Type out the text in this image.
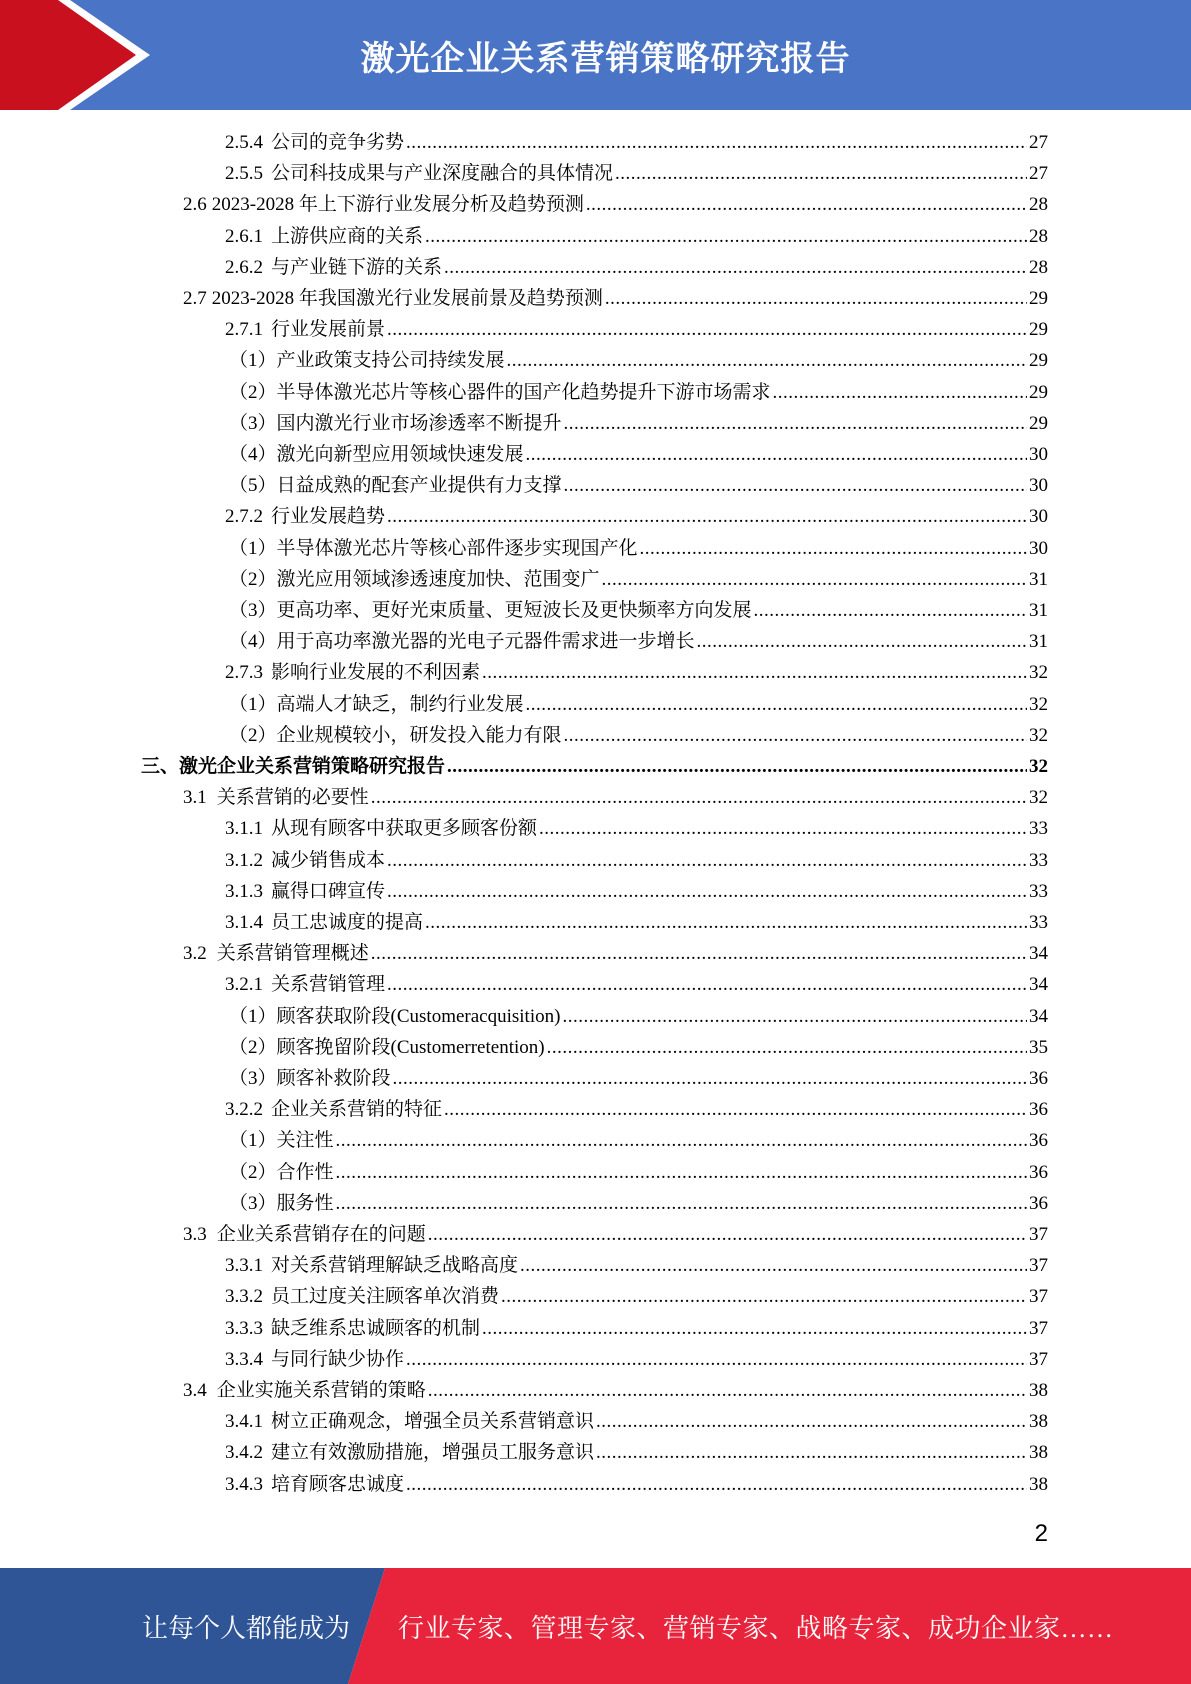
激光企业关系营销策略研究报告
2.5.4 公司的竞争劣势 .....	27
2.5.5 公司科技成果与产业深度融合的具体情况 .....	27
2.6 2023-2028 年上下游行业发展分析及趋势预测 .....	28
2.6.1 上游供应商的关系 .....	28
2.6.2 与产业链下游的关系 .....	28
2.7 2023-2028 年我国激光行业发展前景及趋势预测 .....	29
2.7.1 行业发展前景 .....	29
（1） 产业政策支持公司持续发展 .....	29
（2） 半导体激光芯片等核心器件的国产化趋势提升下游市场需求 .....	29
（3） 国内激光行业市场渗透率不断提升 .....	29
（4） 激光向新型应用领域快速发展 .....	30
（5） 日益成熟的配套产业提供有力支撑 .....	30
2.7.2 行业发展趋势 .....	30
（1） 半导体激光芯片等核心部件逐步实现国产化 .....	30
（2） 激光应用领域渗透速度加快、范围变广 .....	31
（3） 更高功率、更好光束质量、更短波长及更快频率方向发展 .....	31
（4） 用于高功率激光器的光电子元器件需求进一步增长 .....	31
2.7.3 影响行业发展的不利因素 .....	32
（1） 高端人才缺乏，制约行业发展 .....	32
（2） 企业规模较小，研发投入能力有限 .....	32
三、 激光企业关系营销策略研究报告 .....	32
3.1 关系营销的必要性 .....	32
3.1.1 从现有顾客中获取更多顾客份额 .....	33
3.1.2 减少销售成本 .....	33
3.1.3 赢得口碑宣传 .....	33
3.1.4 员工忠诚度的提高 .....	33
3.2 关系营销管理概述 .....	34
3.2.1 关系营销管理 .....	34
（1） 顾客获取阶段(Customeracquisition) .....	34
（2） 顾客挽留阶段(Customerretention) .....	35
（3） 顾客补救阶段 .....	36
3.2.2 企业关系营销的特征 .....	36
（1） 关注性 .....	36
（2） 合作性 .....	36
（3） 服务性 .....	36
3.3 企业关系营销存在的问题 .....	37
3.3.1 对关系营销理解缺乏战略高度 .....	37
3.3.2 员工过度关注顾客单次消费 .....	37
3.3.3 缺乏维系忠诚顾客的机制 .....	37
3.3.4 与同行缺少协作 .....	37
3.4 企业实施关系营销的策略 .....	38
3.4.1 树立正确观念，增强全员关系营销意识 .....	38
3.4.2 建立有效激励措施，增强员工服务意识 .....	38
3.4.3 培育顾客忠诚度 .....	38
2
让每个人都能成为 行业专家、管理专家、营销专家、战略专家、成功企业家……
